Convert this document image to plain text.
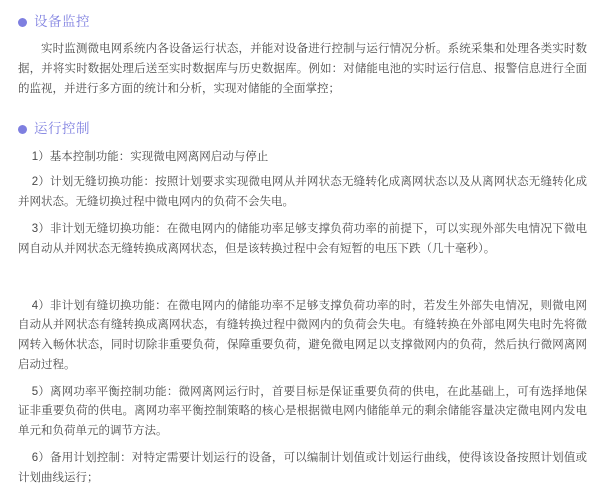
设备监控

实时监测微电网系统内各设备运行状态，并能对设备进行控制与运行情况分析。系统采集和处理各类实时数据，并将实时数据处理后送至实时数据库与历史数据库。例如：对储能电池的实时运行信息、报警信息进行全面的监视，并进行多方面的统计和分析，实现对储能的全面掌控；

运行控制

1）基本控制功能：实现微电网离网启动与停止

2）计划无缝切换功能：按照计划要求实现微电网从并网状态无缝转化成离网状态以及从离网状态无缝转化成并网状态。无缝切换过程中微电网内的负荷不会失电。

3）非计划无缝切换功能：在微电网内的储能功率足够支撑负荷功率的前提下，可以实现外部失电情况下微电网自动从并网状态无缝转换成离网状态，但是该转换过程中会有短暂的电压下跌（几十毫秒）。

4）非计划有缝切换功能：在微电网内的储能功率不足够支撑负荷功率的时，若发生外部失电情况，则微电网自动从并网状态有缝转换成离网状态，有缝转换过程中微网内的负荷会失电。有缝转换在外部电网失电时先将微网转入畅休状态，同时切除非重要负荷，保障重要负荷，避免微电网足以支撑微网内的负荷，然后执行微网离网启动过程。

5）离网功率平衡控制功能：微网离网运行时，首要目标是保证重要负荷的供电，在此基础上，可有选择地保证非重要负荷的供电。离网功率平衡控制策略的核心是根据微电网内储能单元的剩余储能容量决定微电网内发电单元和负荷单元的调节方法。

6）备用计划控制：对特定需要计划运行的设备，可以编制计划值或计划运行曲线，使得该设备按照计划值或计划曲线运行；
